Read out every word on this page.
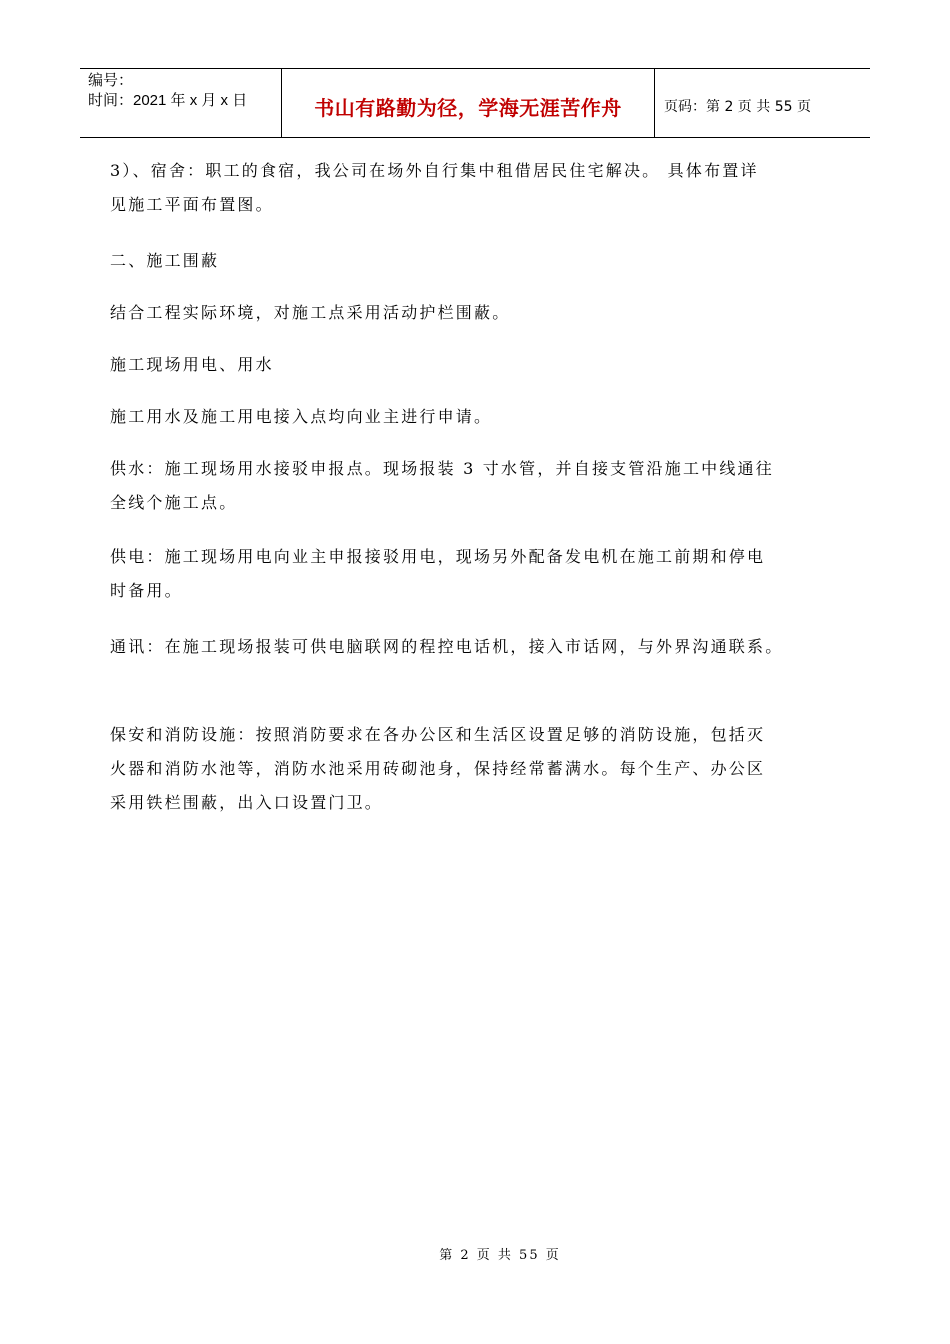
编号：
时间：2021 年 x 月 x 日	书山有路勤为径，学海无涯苦作舟	页码：第 2 页 共 55 页
3）、宿舍：职工的食宿，我公司在场外自行集中租借居民住宅解决。 具体布置详
见施工平面布置图。
二、施工围蔽
结合工程实际环境，对施工点采用活动护栏围蔽。
施工现场用电、用水
施工用水及施工用电接入点均向业主进行申请。
供水：施工现场用水接驳申报点。现场报装 3 寸水管，并自接支管沿施工中线通往
全线个施工点。
供电：施工现场用电向业主申报接驳用电，现场另外配备发电机在施工前期和停电
时备用。
通讯：在施工现场报装可供电脑联网的程控电话机，接入市话网，与外界沟通联系。
保安和消防设施：按照消防要求在各办公区和生活区设置足够的消防设施，包括灭
火器和消防水池等，消防水池采用砖砌池身，保持经常蓄满水。每个生产、办公区
采用铁栏围蔽，出入口设置门卫。
第 2 页 共 55 页
